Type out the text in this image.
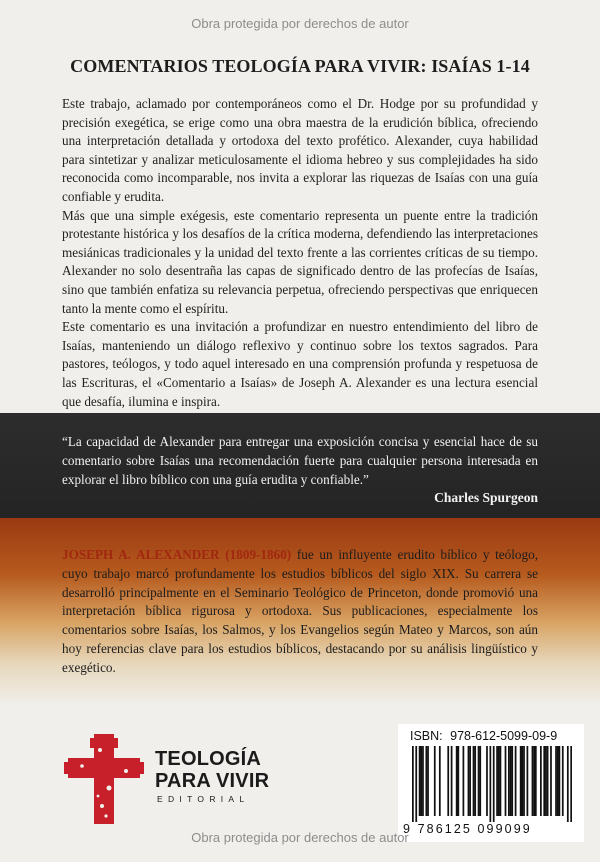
Obra protegida por derechos de autor
COMENTARIOS TEOLOGÍA PARA VIVIR: ISAÍAS 1-14

Este trabajo, aclamado por contemporáneos como el Dr. Hodge por su profundidad y precisión exegética, se erige como una obra maestra de la erudición bíblica, ofreciendo una interpretación detallada y ortodoxa del texto profético. Alexander, cuya habilidad para sintetizar y analizar meticulosamente el idioma hebreo y sus complejidades ha sido reconocida como incomparable, nos invita a explorar las riquezas de Isaías con una guía confiable y erudita.

Más que una simple exégesis, este comentario representa un puente entre la tradición protestante histórica y los desafíos de la crítica moderna, defendiendo las interpretaciones mesiánicas tradicionales y la unidad del texto frente a las corrientes críticas de su tiempo. Alexander no solo desentraña las capas de significado dentro de las profecías de Isaías, sino que también enfatiza su relevancia perpetua, ofreciendo perspectivas que enriquecen tanto la mente como el espíritu.

Este comentario es una invitación a profundizar en nuestro entendimiento del libro de Isaías, manteniendo un diálogo reflexivo y continuo sobre los textos sagrados. Para pastores, teólogos, y todo aquel interesado en una comprensión profunda y respetuosa de las Escrituras, el «Comentario a Isaías» de Joseph A. Alexander es una lectura esencial que desafía, ilumina e inspira.

“La capacidad de Alexander para entregar una exposición concisa y esencial hace de su comentario sobre Isaías una recomendación fuerte para cualquier persona interesada en explorar el libro bíblico con una guía erudita y confiable.”
Charles Spurgeon
JOSEPH A. ALEXANDER (1809-1860) fue un influyente erudito bíblico y teólogo, cuyo trabajo marcó profundamente los estudios bíblicos del siglo XIX. Su carrera se desarrolló principalmente en el Seminario Teológico de Princeton, donde promovió una interpretación bíblica rigurosa y ortodoxa. Sus publicaciones, especialmente los comentarios sobre Isaías, los Salmos, y los Evangelios según Mateo y Marcos, son aún hoy referencias clave para los estudios bíblicos, destacando por su análisis lingüístico y exegético.
TEOLOGÍA
PARA VIVIR
EDITORIAL
ISBN: 978-612-5099-09-9
9 786125 099099
Obra protegida por derechos de autor
